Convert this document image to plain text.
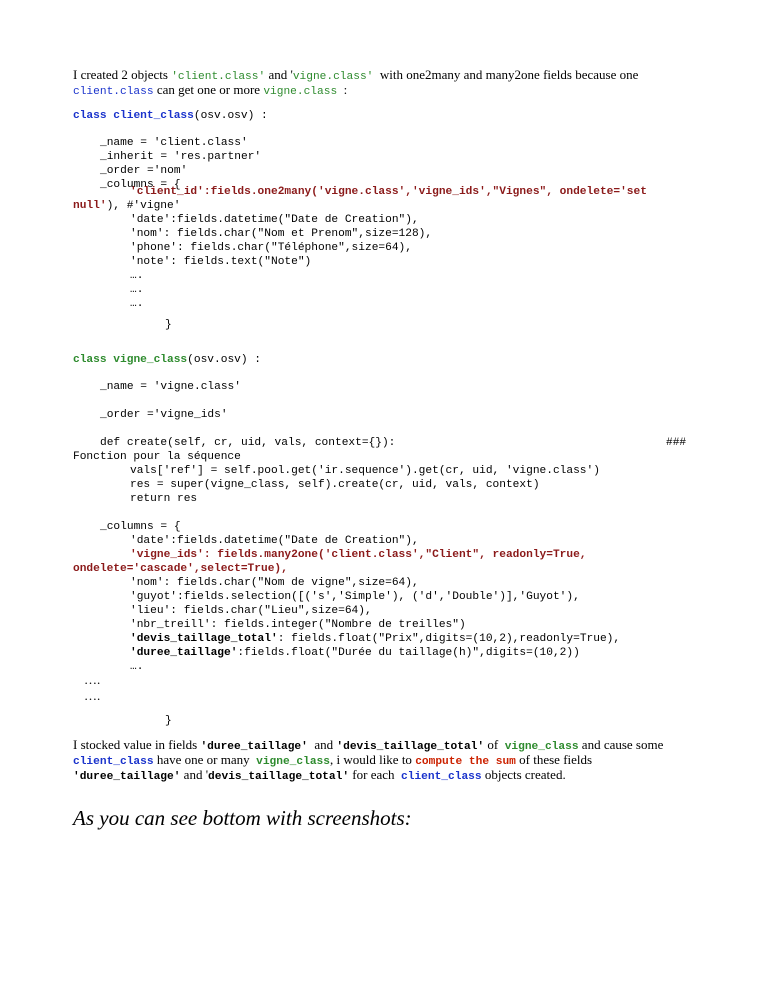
I created 2 objects 'client.class' and 'vigne.class'  with one2many and many2one fields because one
client.class can get one or more vigne.class  :
class client_class(osv.osv) :
_name = 'client.class'
_inherit = 'res.partner'
_order ='nom'
_columns = {
'client_id':fields.one2many('vigne.class','vigne_ids',"Vignes", ondelete='set
null'), #'vigne'
'date':fields.datetime("Date de Creation"),
'nom': fields.char("Nom et Prenom",size=128),
'phone': fields.char("Téléphone",size=64),
'note': fields.text("Note")
….
….
….
}
class vigne_class(osv.osv) :
_name = 'vigne.class'
_order ='vigne_ids'
def create(self, cr, uid, vals, context={}):	###
Fonction pour la séquence
vals['ref'] = self.pool.get('ir.sequence').get(cr, uid, 'vigne.class')
res = super(vigne_class, self).create(cr, uid, vals, context)
return res
_columns = {
'date':fields.datetime("Date de Creation"),
'vigne_ids': fields.many2one('client.class',"Client", readonly=True,
ondelete='cascade',select=True),
'nom': fields.char("Nom de vigne",size=64),
'guyot':fields.selection([('s','Simple'), ('d','Double')],'Guyot'),
'lieu': fields.char("Lieu",size=64),
'nbr_treill': fields.integer("Nombre de treilles")
'devis_taillage_total': fields.float("Prix",digits=(10,2),readonly=True),
'duree_taillage':fields.float("Durée du taillage(h)",digits=(10,2))
….
….
….
}
I stocked value in fields 'duree_taillage'  and 'devis_taillage_total' of  vigne_class and cause some
client_class have one or many  vigne_class, i would like to compute the sum of these fields
'duree_taillage' and 'devis_taillage_total' for each  client_class objects created.
As you can see bottom with screenshots:
